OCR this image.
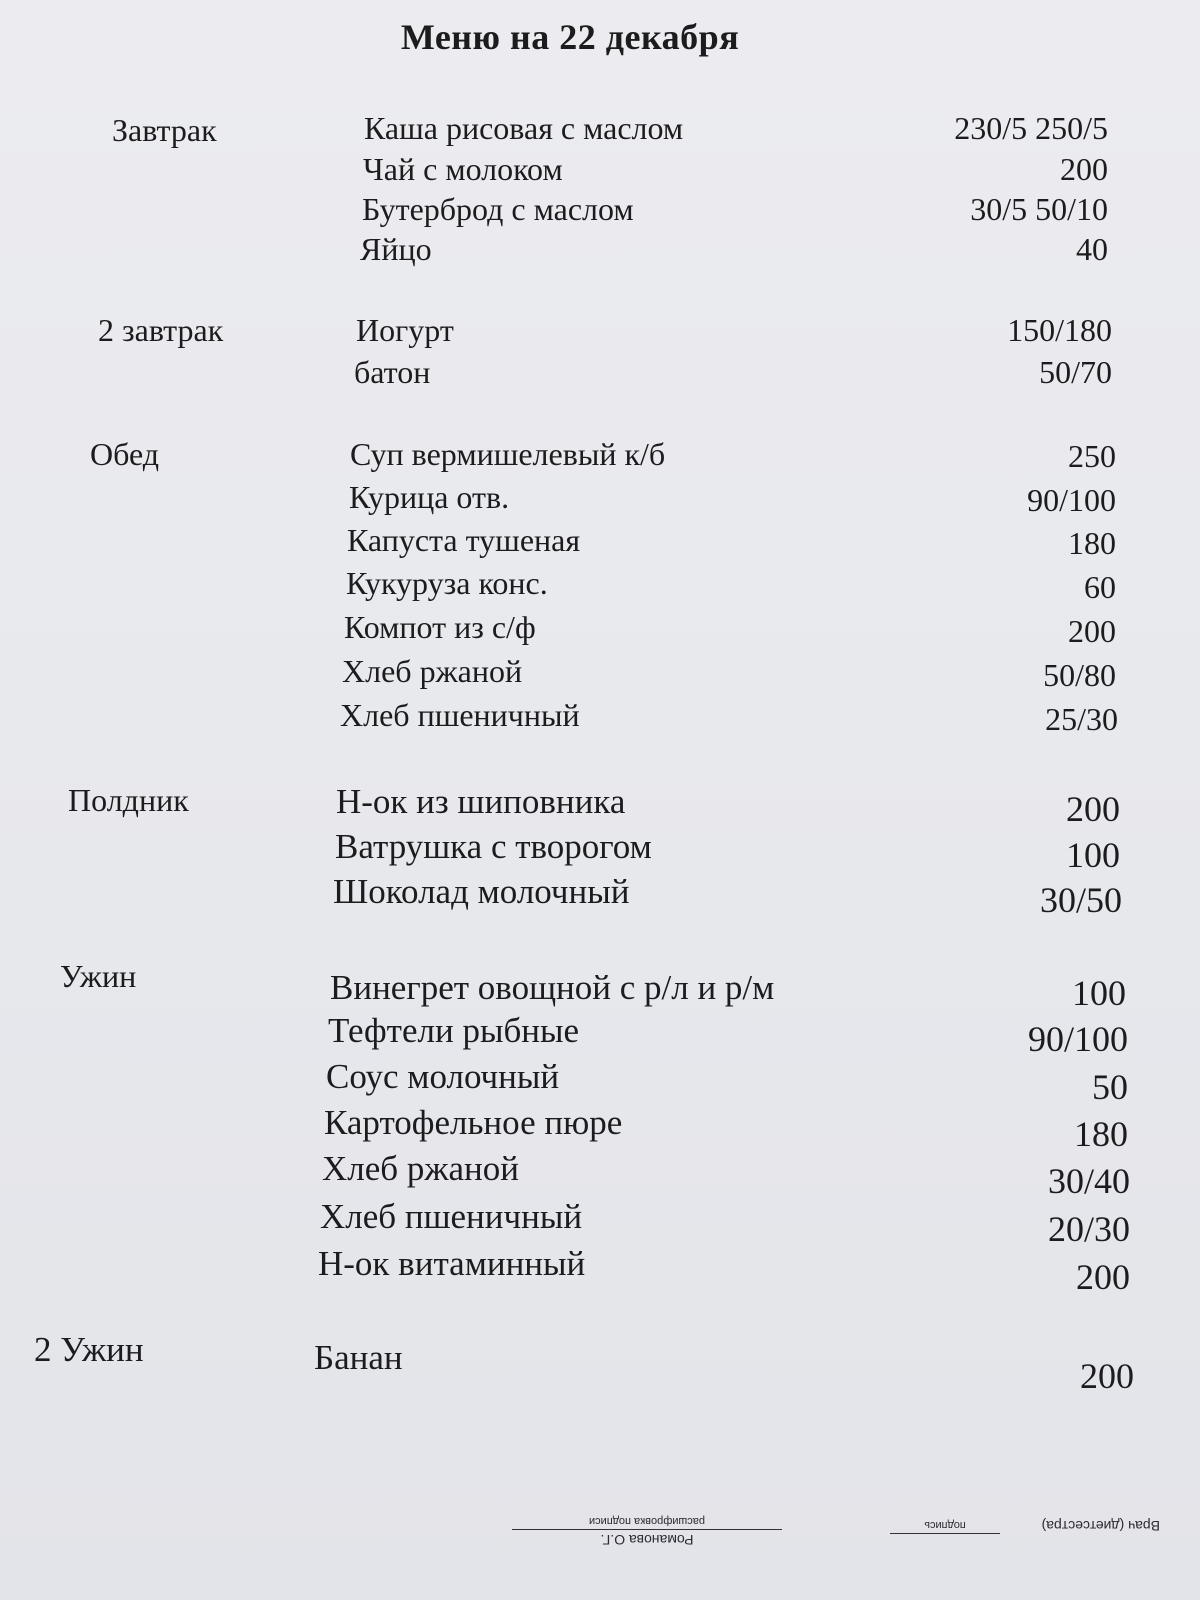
Меню на 22 декабря
Завтрак	Каша рисовая с маслом	230/5 250/5
Чай с молоком	200
Бутерброд с маслом	30/5 50/10
Яйцо	40
2 завтрак	Иогурт	150/180
батон	50/70
Обед	Суп вермишелевый к/б	250
Курица отв.	90/100
Капуста тушеная	180
Кукуруза конс.	60
Компот из с/ф	200
Хлеб ржаной	50/80
Хлеб пшеничный	25/30
Полдник	Н-ок из шиповника	200
Ватрушка с творогом	100
Шоколад молочный	30/50
Ужин	Винегрет овощной с р/л и р/м	100
Тефтели рыбные	90/100
Соус молочный	50
Картофельное пюре	180
Хлеб ржаной	30/40
Хлеб пшеничный	20/30
Н-ок витаминный	200
2 Ужин	Банан	200
Врач (диетсестра)
подпись
Романова О.Г.
расшифровка подписи
